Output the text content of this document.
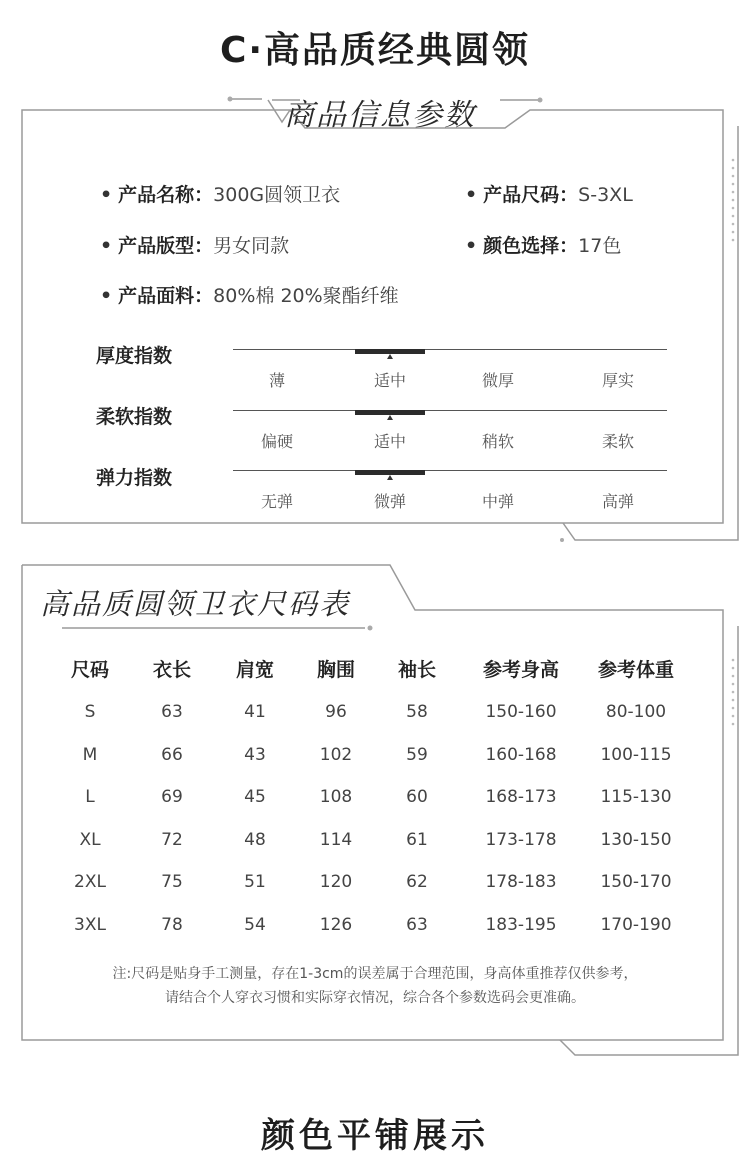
C·高品质经典圆领
商品信息参数
• 产品名称：300G圆领卫衣	• 产品尺码：S-3XL
• 产品版型：男女同款	• 颜色选择：17色
• 产品面料：80%棉 20%聚酯纤维
厚度指数
薄	适中	微厚	厚实
柔软指数
偏硬	适中	稍软	柔软
弹力指数
无弹	微弹	中弹	高弹
高品质圆领卫衣尺码表
尺码	衣长	肩宽	胸围	袖长	参考身高	参考体重
S	63	41	96	58	150-160	80-100
M	66	43	102	59	160-168	100-115
L	69	45	108	60	168-173	115-130
XL	72	48	114	61	173-178	130-150
2XL	75	51	120	62	178-183	150-170
3XL	78	54	126	63	183-195	170-190
注:尺码是贴身手工测量，存在1-3cm的误差属于合理范围，身高体重推荐仅供参考，
请结合个人穿衣习惯和实际穿衣情况，综合各个参数选码会更准确。
颜色平铺展示
